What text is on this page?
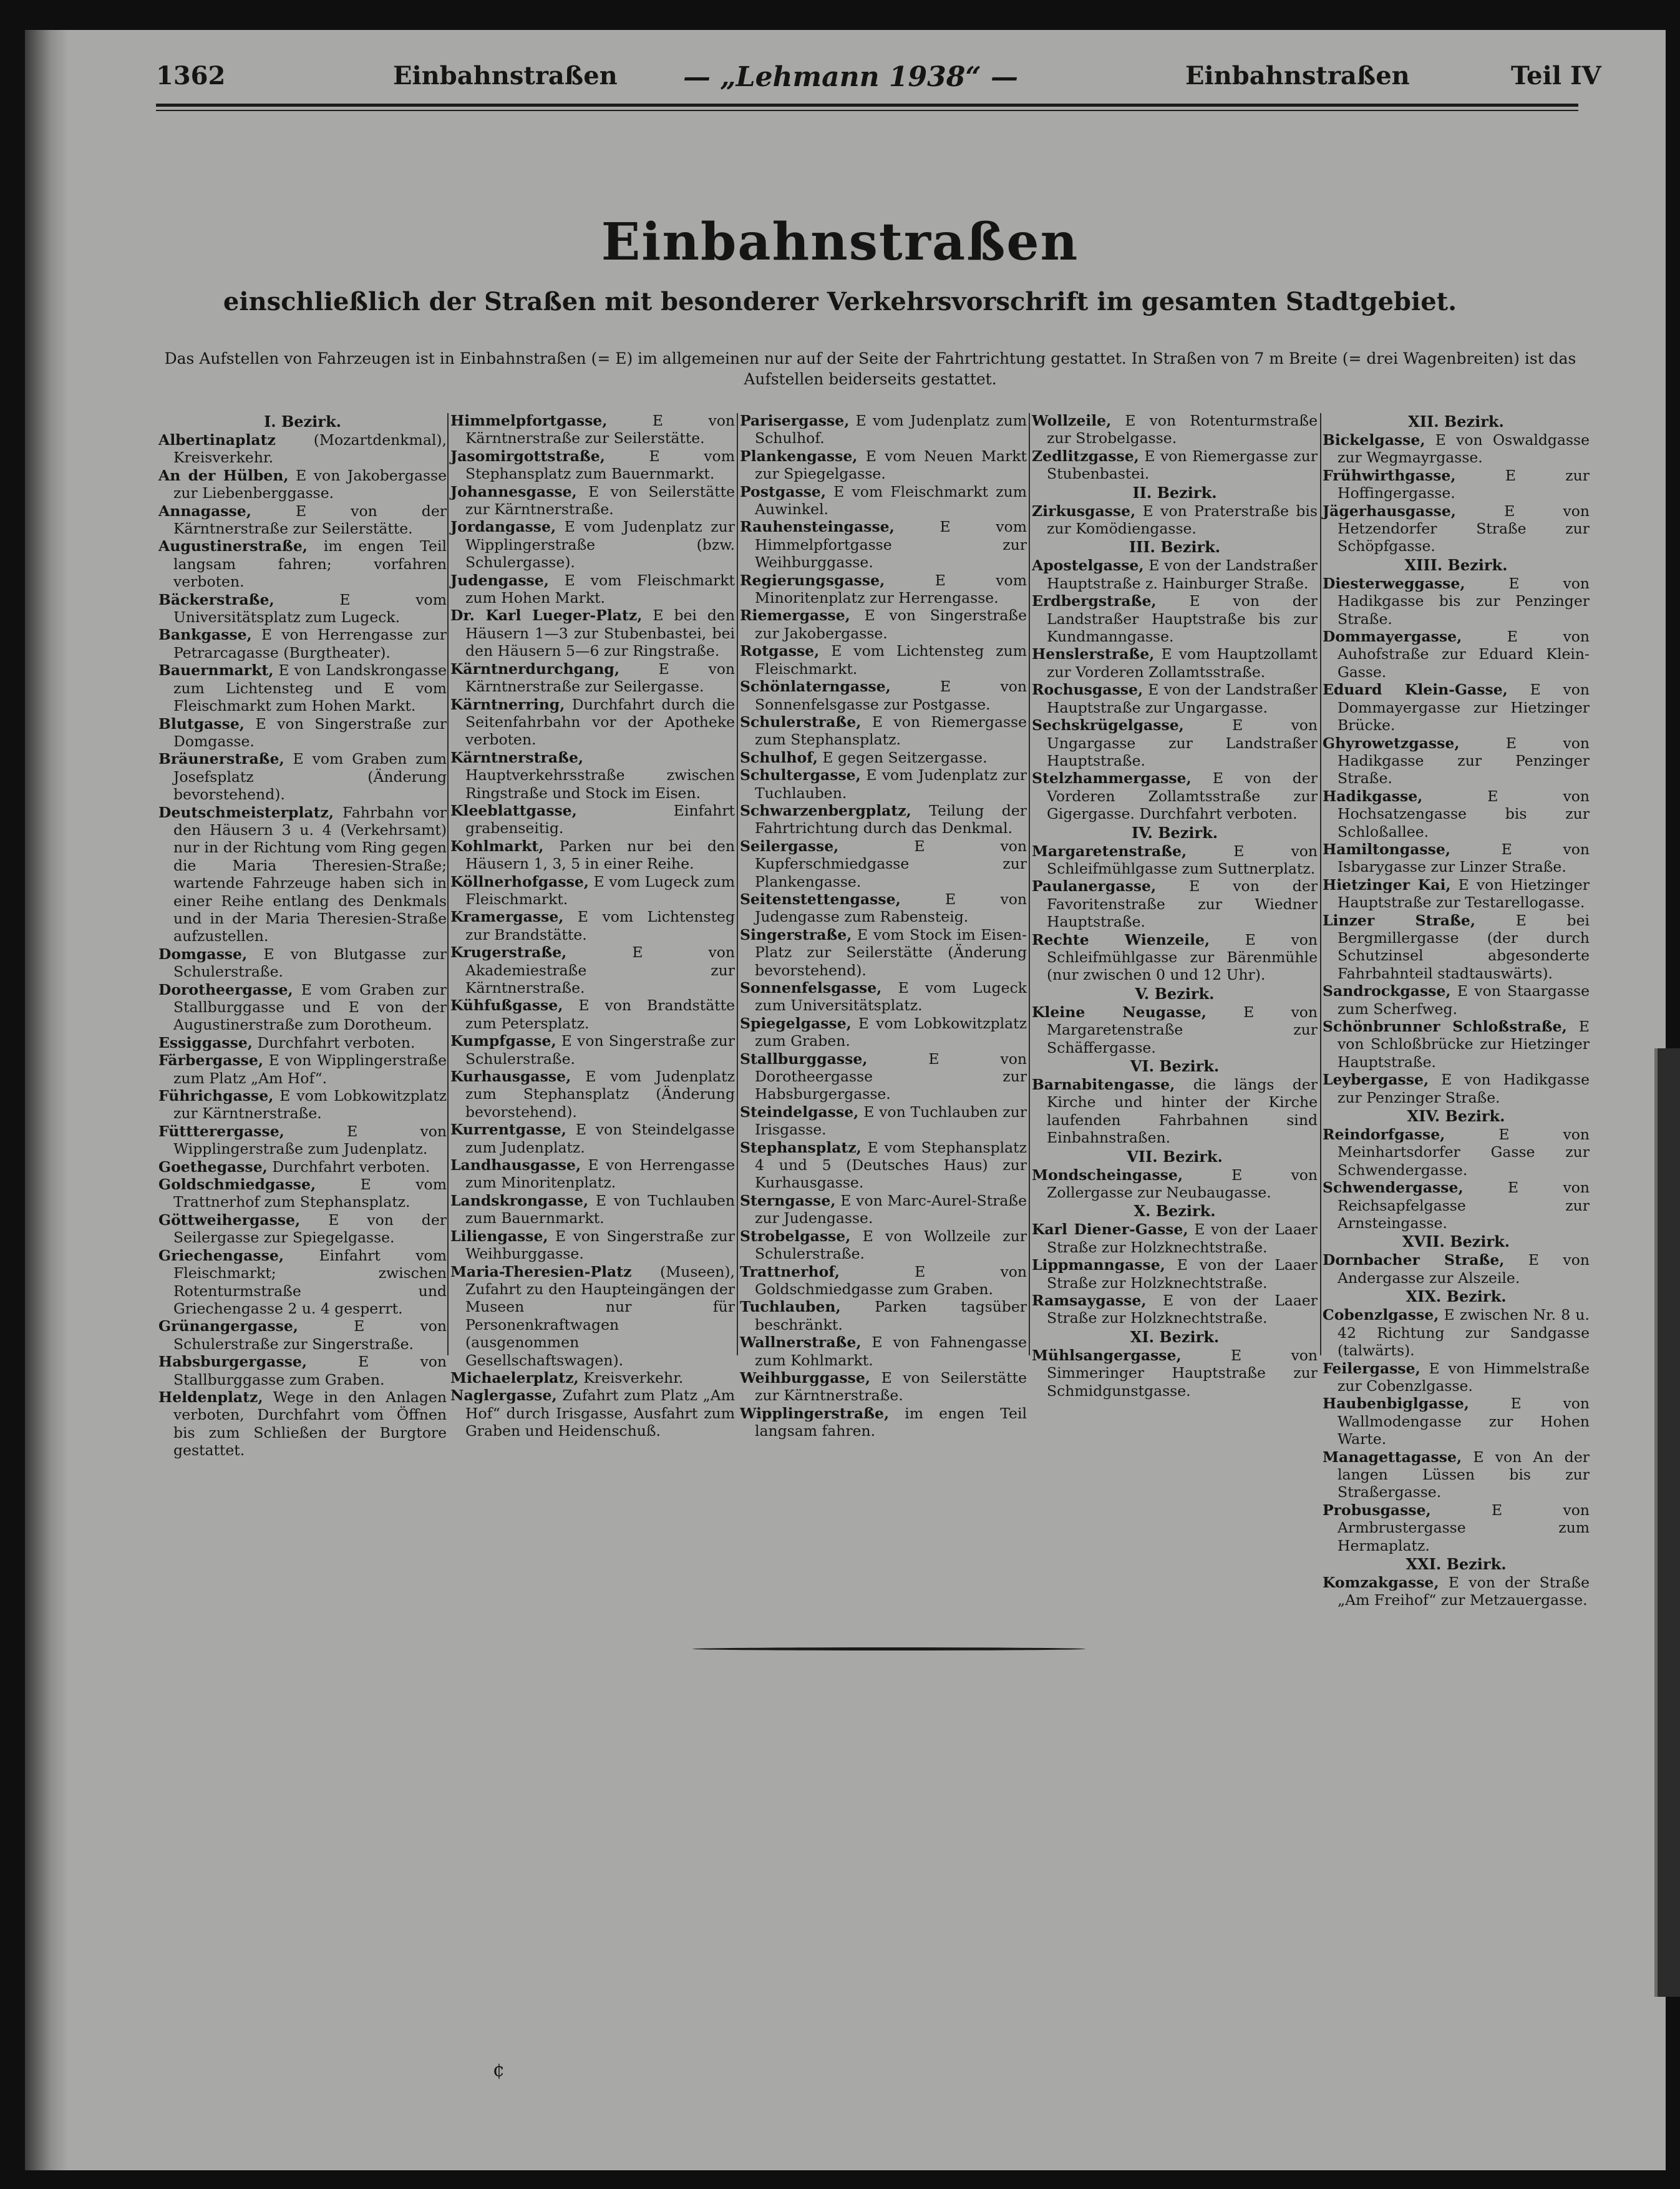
1362	Einbahnstraßen — „Lehmann 1938“ —	Einbahnstraßen	Teil IV
Einbahnstraßen
einschließlich der Straßen mit besonderer Verkehrsvorschrift im gesamten Stadtgebiet.
Das Aufstellen von Fahrzeugen ist in Einbahnstraßen (= E) im allgemeinen nur auf der Seite der Fahrtrichtung gestattet. In Straßen von 7 m Breite (= drei Wagenbreiten) ist das Aufstellen beiderseits gestattet.
I. Bezirk.

Albertinaplatz (Mozartdenkmal), Kreisverkehr.

An der Hülben, E von Jakobergasse zur Liebenberggasse.

Annagasse, E von der Kärntnerstraße zur Seilerstätte.

Augustinerstraße, im engen Teil langsam fahren; vorfahren verboten.

Bäckerstraße, E vom Universitätsplatz zum Lugeck.

Bankgasse, E von Herrengasse zur Petrarcagasse (Burgtheater).

Bauernmarkt, E von Landskrongasse zum Lichtensteg und E vom Fleischmarkt zum Hohen Markt.

Blutgasse, E von Singerstraße zur Domgasse.

Bräunerstraße, E vom Graben zum Josefsplatz (Änderung bevorstehend).

Deutschmeisterplatz, Fahrbahn vor den Häusern 3 u. 4 (Verkehrsamt) nur in der Richtung vom Ring gegen die Maria Theresien-Straße; wartende Fahrzeuge haben sich in einer Reihe entlang des Denkmals und in der Maria Theresien-Straße aufzustellen.

Domgasse, E von Blutgasse zur Schulerstraße.

Dorotheergasse, E vom Graben zur Stallburggasse und E von der Augustinerstraße zum Dorotheum.

Essiggasse, Durchfahrt verboten.

Färbergasse, E von Wipplingerstraße zum Platz „Am Hof“.

Führichgasse, E vom Lobkowitzplatz zur Kärntnerstraße.

Füttterergasse, E von Wipplingerstraße zum Judenplatz.

Goethegasse, Durchfahrt verboten.

Goldschmiedgasse, E vom Trattnerhof zum Stephansplatz.

Göttweihergasse, E von der Seilergasse zur Spiegelgasse.

Griechengasse, Einfahrt vom Fleischmarkt; zwischen Rotenturmstraße und Griechengasse 2 u. 4 gesperrt.

Grünangergasse, E von Schulerstraße zur Singerstraße.

Habsburgergasse, E von Stallburggasse zum Graben.

Heldenplatz, Wege in den Anlagen verboten, Durchfahrt vom Öffnen bis zum Schließen der Burgtore gestattet.

Himmelpfortgasse, E von Kärntnerstraße zur Seilerstätte.

Jasomirgottstraße, E vom Stephansplatz zum Bauernmarkt.

Johannesgasse, E von Seilerstätte zur Kärntnerstraße.

Jordangasse, E vom Judenplatz zur Wipplingerstraße (bzw. Schulergasse).

Judengasse, E vom Fleischmarkt zum Hohen Markt.

Dr. Karl Lueger-Platz, E bei den Häusern 1—3 zur Stubenbastei, bei den Häusern 5—6 zur Ringstraße.

Kärntnerdurchgang, E von Kärntnerstraße zur Seilergasse.

Kärntnerring, Durchfahrt durch die Seitenfahrbahn vor der Apotheke verboten.

Kärntnerstraße, Hauptverkehrsstraße zwischen Ringstraße und Stock im Eisen.

Kleeblattgasse, Einfahrt grabenseitig.

Kohlmarkt, Parken nur bei den Häusern 1, 3, 5 in einer Reihe.

Köllnerhofgasse, E vom Lugeck zum Fleischmarkt.

Kramergasse, E vom Lichtensteg zur Brandstätte.

Krugerstraße, E von Akademiestraße zur Kärntnerstraße.

Kühfußgasse, E von Brandstätte zum Petersplatz.

Kumpfgasse, E von Singerstraße zur Schulerstraße.

Kurhausgasse, E vom Judenplatz zum Stephansplatz (Änderung bevorstehend).

Kurrentgasse, E von Steindelgasse zum Judenplatz.

Landhausgasse, E von Herrengasse zum Minoritenplatz.

Landskrongasse, E von Tuchlauben zum Bauernmarkt.

Liliengasse, E von Singerstraße zur Weihburggasse.

Maria-Theresien-Platz (Museen), Zufahrt zu den Haupteingängen der Museen nur für Personenkraftwagen (ausgenommen Gesellschaftswagen).

Michaelerplatz, Kreisverkehr.

Naglergasse, Zufahrt zum Platz „Am Hof“ durch Irisgasse, Ausfahrt zum Graben und Heidenschuß.

Parisergasse, E vom Judenplatz zum Schulhof.

Plankengasse, E vom Neuen Markt zur Spiegelgasse.

Postgasse, E vom Fleischmarkt zum Auwinkel.

Rauhensteingasse, E vom Himmelpfortgasse zur Weihburggasse.

Regierungsgasse, E vom Minoritenplatz zur Herrengasse.

Riemergasse, E von Singerstraße zur Jakobergasse.

Rotgasse, E vom Lichtensteg zum Fleischmarkt.

Schönlaterngasse, E von Sonnenfelsgasse zur Postgasse.

Schulerstraße, E von Riemergasse zum Stephansplatz.

Schulhof, E gegen Seitzergasse.

Schultergasse, E vom Judenplatz zur Tuchlauben.

Schwarzenbergplatz, Teilung der Fahrtrichtung durch das Denkmal.

Seilergasse, E von Kupferschmiedgasse zur Plankengasse.

Seitenstettengasse, E von Judengasse zum Rabensteig.

Singerstraße, E vom Stock im Eisen-Platz zur Seilerstätte (Änderung bevorstehend).

Sonnenfelsgasse, E vom Lugeck zum Universitätsplatz.

Spiegelgasse, E vom Lobkowitzplatz zum Graben.

Stallburggasse, E von Dorotheergasse zur Habsburgergasse.

Steindelgasse, E von Tuchlauben zur Irisgasse.

Stephansplatz, E vom Stephansplatz 4 und 5 (Deutsches Haus) zur Kurhausgasse.

Sterngasse, E von Marc-Aurel-Straße zur Judengasse.

Strobelgasse, E von Wollzeile zur Schulerstraße.

Trattnerhof, E von Goldschmiedgasse zum Graben.

Tuchlauben, Parken tagsüber beschränkt.

Wallnerstraße, E von Fahnengasse zum Kohlmarkt.

Weihburggasse, E von Seilerstätte zur Kärntnerstraße.

Wipplingerstraße, im engen Teil langsam fahren.

Wollzeile, E von Rotenturmstraße zur Strobelgasse.

Zedlitzgasse, E von Riemergasse zur Stubenbastei.

II. Bezirk.

Zirkusgasse, E von Praterstraße bis zur Komödiengasse.

III. Bezirk.

Apostelgasse, E von der Landstraßer Hauptstraße z. Hainburger Straße.

Erdbergstraße, E von der Landstraßer Hauptstraße bis zur Kundmanngasse.

Henslerstraße, E vom Hauptzollamt zur Vorderen Zollamtsstraße.

Rochusgasse, E von der Landstraßer Hauptstraße zur Ungargasse.

Sechskrügelgasse, E von Ungargasse zur Landstraßer Hauptstraße.

Stelzhammergasse, E von der Vorderen Zollamtsstraße zur Gigergasse. Durchfahrt verboten.

IV. Bezirk.

Margaretenstraße, E von Schleifmühlgasse zum Suttnerplatz.

Paulanergasse, E von der Favoritenstraße zur Wiedner Hauptstraße.

Rechte Wienzeile, E von Schleifmühlgasse zur Bärenmühle (nur zwischen 0 und 12 Uhr).

V. Bezirk.

Kleine Neugasse, E von Margaretenstraße zur Schäffergasse.

VI. Bezirk.

Barnabitengasse, die längs der Kirche und hinter der Kirche laufenden Fahrbahnen sind Einbahnstraßen.

VII. Bezirk.

Mondscheingasse, E von Zollergasse zur Neubaugasse.

X. Bezirk.

Karl Diener-Gasse, E von der Laaer Straße zur Holzknechtstraße.

Lippmanngasse, E von der Laaer Straße zur Holzknechtstraße.

Ramsaygasse, E von der Laaer Straße zur Holzknechtstraße.

XI. Bezirk.

Mühlsangergasse, E von Simmeringer Hauptstraße zur Schmidgunstgasse.

XII. Bezirk.

Bickelgasse, E von Oswaldgasse zur Wegmayrgasse.

Frühwirthgasse, E zur Hoffingergasse.

Jägerhausgasse, E von Hetzendorfer Straße zur Schöpfgasse.

XIII. Bezirk.

Diesterweggasse, E von Hadikgasse bis zur Penzinger Straße.

Dommayergasse, E von Auhofstraße zur Eduard Klein-Gasse.

Eduard Klein-Gasse, E von Dommayergasse zur Hietzinger Brücke.

Ghyrowetzgasse, E von Hadikgasse zur Penzinger Straße.

Hadikgasse, E von Hochsatzengasse bis zur Schloßallee.

Hamiltongasse, E von Isbarygasse zur Linzer Straße.

Hietzinger Kai, E von Hietzinger Hauptstraße zur Testarellogasse.

Linzer Straße, E bei Bergmillergasse (der durch Schutzinsel abgesonderte Fahrbahnteil stadtauswärts).

Sandrockgasse, E von Staargasse zum Scherfweg.

Schönbrunner Schloßstraße, E von Schloßbrücke zur Hietzinger Hauptstraße.

Leybergasse, E von Hadikgasse zur Penzinger Straße.

XIV. Bezirk.

Reindorfgasse, E von Meinhartsdorfer Gasse zur Schwendergasse.

Schwendergasse, E von Reichsapfelgasse zur Arnsteingasse.

XVII. Bezirk.

Dornbacher Straße, E von Andergasse zur Alszeile.

XIX. Bezirk.

Cobenzlgasse, E zwischen Nr. 8 u. 42 Richtung zur Sandgasse (talwärts).

Feilergasse, E von Himmelstraße zur Cobenzlgasse.

Haubenbiglgasse, E von Wallmodengasse zur Hohen Warte.

Managettagasse, E von An der langen Lüssen bis zur Straßergasse.

Probusgasse, E von Armbrustergasse zum Hermaplatz.

XXI. Bezirk.

Komzakgasse, E von der Straße „Am Freihof“ zur Metzauergasse.

¢
